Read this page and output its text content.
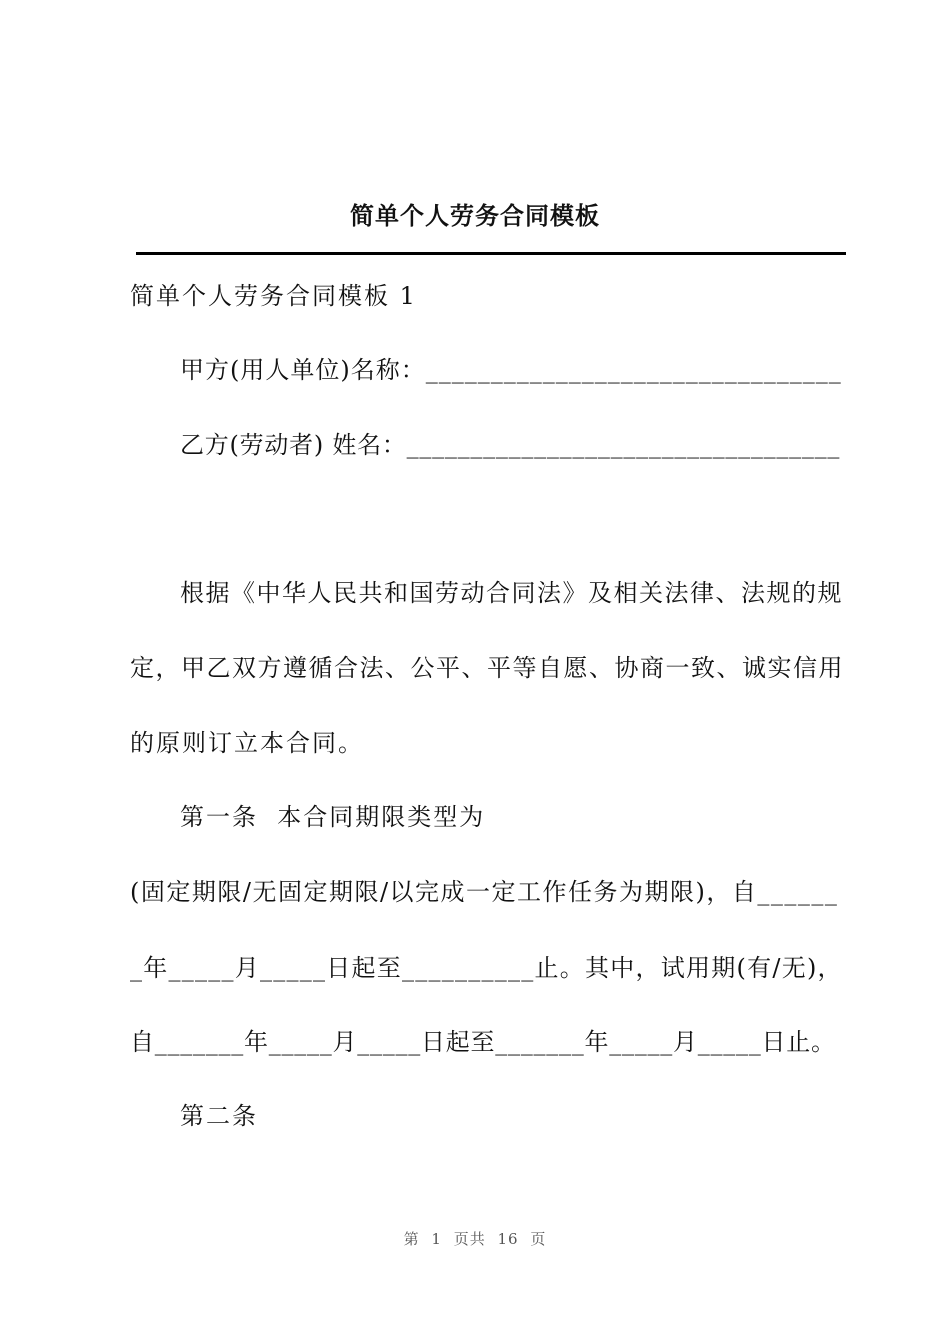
简单个人劳务合同模板
简单个人劳务合同模板 1
甲方(用人单位)名称：________________________________
乙方(劳动者) 姓名：__________________________________
根据《中华人民共和国劳动合同法》及相关法律、法规的规
定，甲乙双方遵循合法、公平、平等自愿、协商一致、诚实信用
的原则订立本合同。
第一条  本合同期限类型为
(固定期限/无固定期限/以完成一定工作任务为期限)，自______
_年_____月_____日起至__________止。其中，试用期(有/无)，
自_______年_____月_____日起至_______年_____月_____日止。
第二条
第 1 页共 16 页
